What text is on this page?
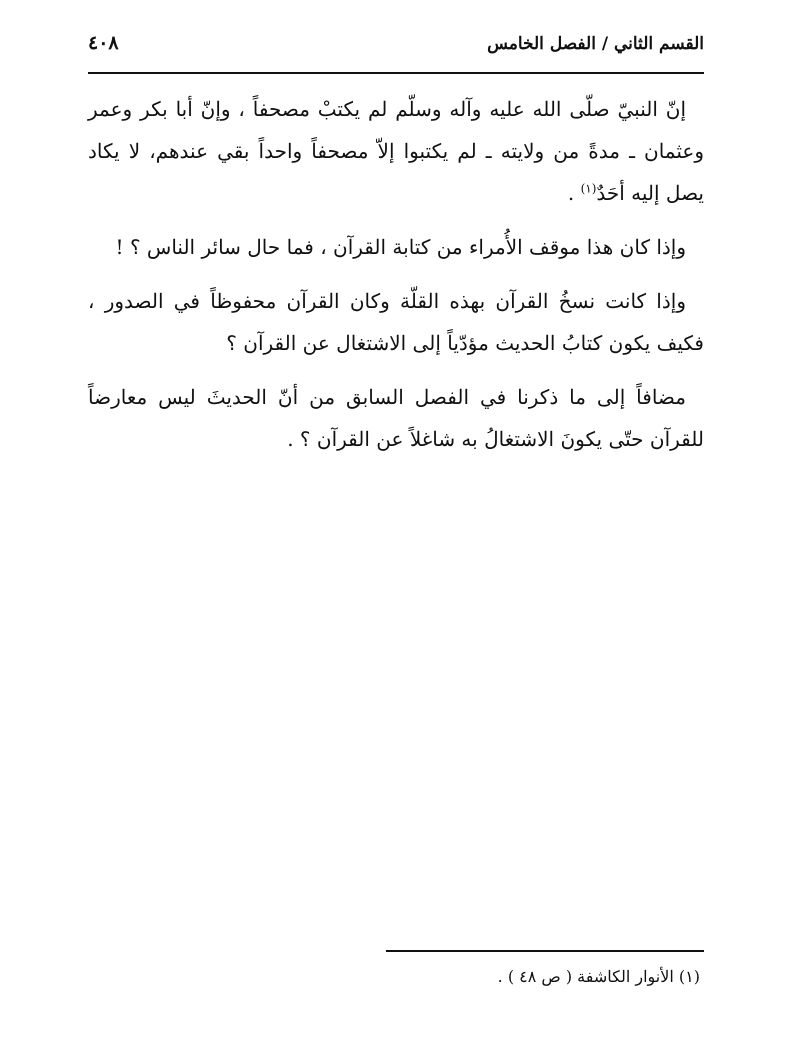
القسم الثاني / الفصل الخامس
٤٠٨

إنّ النبيّ صلّى الله عليه وآله وسلّم لم يكتبْ مصحفاً ، وإنّ أبا بكر وعمر وعثمان ـ مدةً من ولايته ـ لم يكتبوا إلاّ مصحفاً واحداً بقي عندهم، لا يكاد يصل إليه أحَدٌ$^{(١)}$ .

وإذا كان هذا موقف الأُمراء من كتابة القرآن ، فما حال سائر الناس ؟ !

وإذا كانت نسخُ القرآن بهذه القلّة وكان القرآن محفوظاً في الصدور ، فكيف يكون كتابُ الحديث مؤدّياً إلى الاشتغال عن القرآن ؟

مضافاً إلى ما ذكرنا في الفصل السابق من أنّ الحديثَ ليس معارضاً للقرآن حتّى يكونَ الاشتغالُ به شاغلاً عن القرآن ؟ .

(١) الأنوار الكاشفة ( ص ٤٨ ) .
